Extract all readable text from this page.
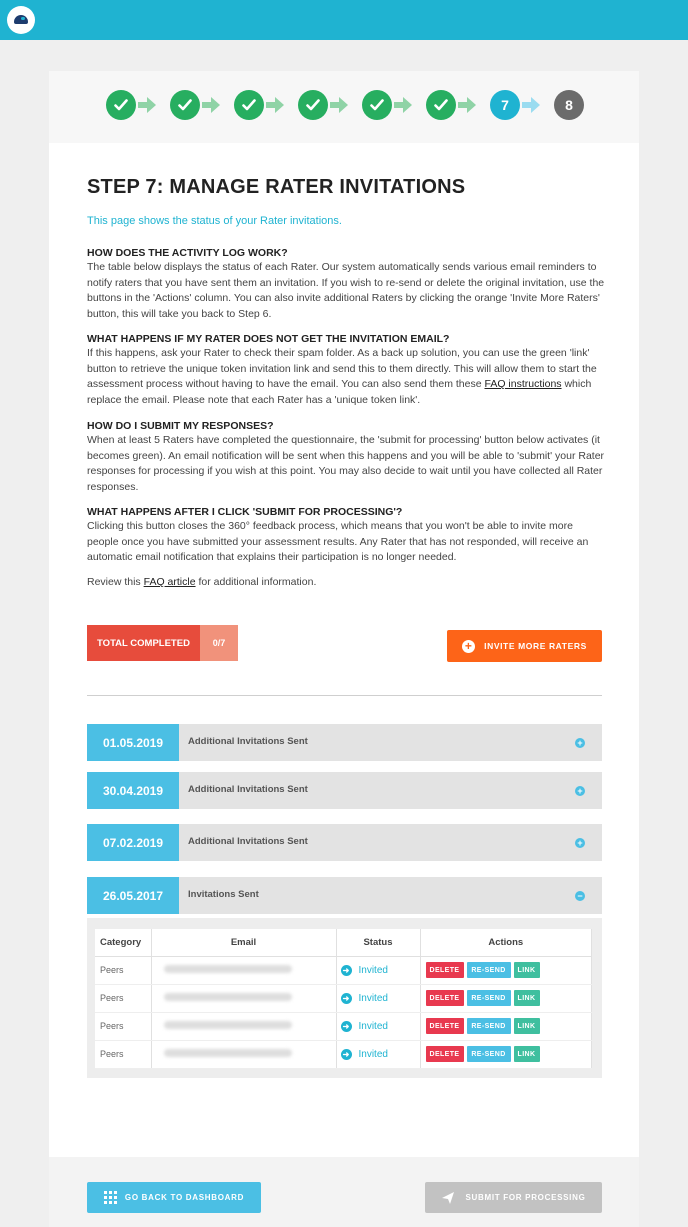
7	8
STEP 7: MANAGE RATER INVITATIONS
This page shows the status of your Rater invitations.
HOW DOES THE ACTIVITY LOG WORK?
The table below displays the status of each Rater. Our system automatically sends various email reminders to notify raters that you have sent them an invitation. If you wish to re-send or delete the original invitation, use the buttons in the 'Actions' column. You can also invite additional Raters by clicking the orange 'Invite More Raters' button, this will take you back to Step 6.
WHAT HAPPENS IF MY RATER DOES NOT GET THE INVITATION EMAIL?
If this happens, ask your Rater to check their spam folder. As a back up solution, you can use the green 'link' button to retrieve the unique token invitation link and send this to them directly. This will allow them to start the assessment process without having to have the email. You can also send them these FAQ instructions which replace the email. Please note that each Rater has a 'unique token link'.
HOW DO I SUBMIT MY RESPONSES?
When at least 5 Raters have completed the questionnaire, the 'submit for processing' button below activates (it becomes green). An email notification will be sent when this happens and you will be able to 'submit' your Rater responses for processing if you wish at this point. You may also decide to wait until you have collected all Rater responses.
WHAT HAPPENS AFTER I CLICK 'SUBMIT FOR PROCESSING'?
Clicking this button closes the 360° feedback process, which means that you won't be able to invite more people once you have submitted your assessment results. Any Rater that has not responded, will receive an automatic email notification that explains their participation is no longer needed.
Review this FAQ article for additional information.
TOTAL COMPLETED	0/7	+	INVITE MORE RATERS
01.05.2019	Additional Invitations Sent	+
30.04.2019	Additional Invitations Sent	+
07.02.2019	Additional Invitations Sent	+
26.05.2017	Invitations Sent	−
Category	Email	Status	Actions
Peers		➜ Invited	DELETE RE-SEND LINK

Peers		➜ Invited	DELETE RE-SEND LINK

Peers		➜ Invited	DELETE RE-SEND LINK

Peers		➜ Invited	DELETE RE-SEND LINK
GO BACK TO DASHBOARD	SUBMIT FOR PROCESSING
